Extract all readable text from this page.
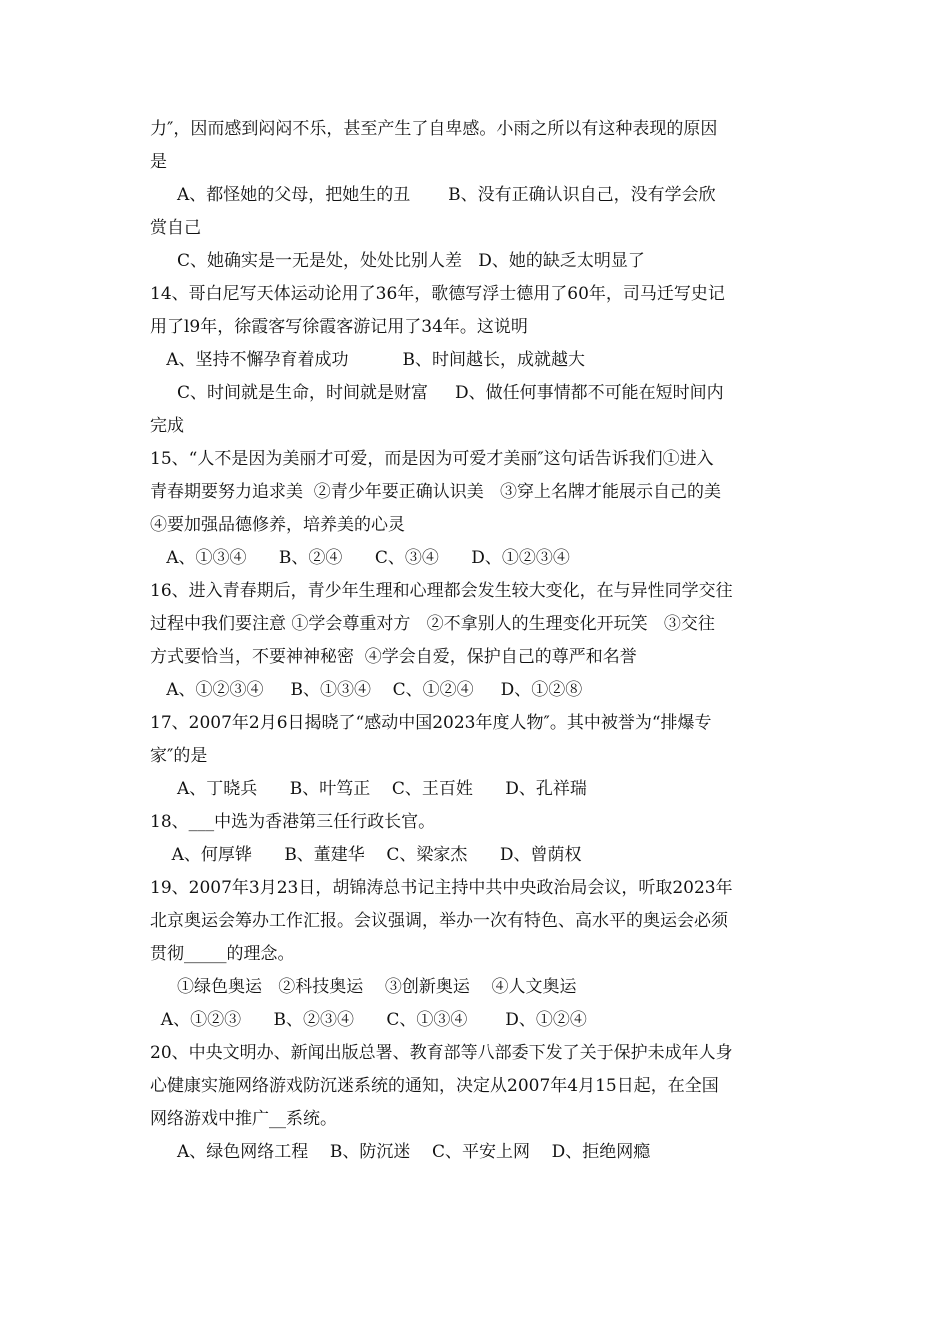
力″，因而感到闷闷不乐，甚至产生了自卑感。小雨之所以有这种表现的原因
是
A、都怪她的父母，把她生的丑       B、没有正确认识自己，没有学会欣
赏自己
C、她确实是一无是处，处处比别人差   D、她的缺乏太明显了
14、哥白尼写天体运动论用了36年，歌德写浮士德用了60年，司马迁写史记
用了l9年，徐霞客写徐霞客游记用了34年。这说明
A、坚持不懈孕育着成功          B、时间越长，成就越大
C、时间就是生命，时间就是财富     D、做任何事情都不可能在短时间内
完成
15、“人不是因为美丽才可爱，而是因为可爱才美丽″这句话告诉我们①进入
青春期要努力追求美  ②青少年要正确认识美   ③穿上名牌才能展示自己的美
④要加强品德修养，培养美的心灵
A、①③④      B、②④      C、③④      D、①②③④
16、进入青春期后，青少年生理和心理都会发生较大变化，在与异性同学交往
过程中我们要注意 ①学会尊重对方   ②不拿别人的生理变化开玩笑   ③交往
方式要恰当，不要神神秘密  ④学会自爱，保护自己的尊严和名誉
A、①②③④     B、①③④    C、①②④     D、①②⑧
17、2007年2月6日揭晓了“感动中国2023年度人物″。其中被誉为“排爆专
家″的是
A、丁晓兵      B、叶笃正    C、王百姓      D、孔祥瑞
18、___中选为香港第三任行政长官。
A、何厚铧      B、董建华    C、梁家杰      D、曾荫权
19、2007年3月23日，胡锦涛总书记主持中共中央政治局会议，听取2023年
北京奥运会筹办工作汇报。会议强调，举办一次有特色、高水平的奥运会必须
贯彻_____的理念。
①绿色奥运   ②科技奥运    ③创新奥运    ④人文奥运
A、①②③      B、②③④      C、①③④       D、①②④
20、中央文明办、新闻出版总署、教育部等八部委下发了关于保护未成年人身
心健康实施网络游戏防沉迷系统的通知，决定从2007年4月15日起，在全国
网络游戏中推广__系统。
A、绿色网络工程    B、防沉迷    C、平安上网    D、拒绝网瘾
